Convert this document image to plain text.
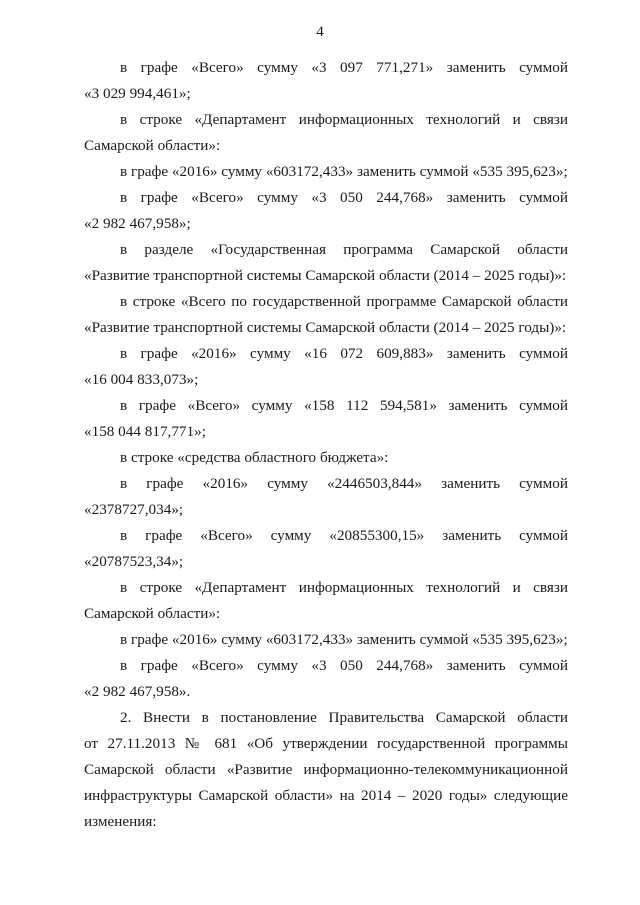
4
в графе «Всего» сумму «3 097 771,271» заменить суммой
«3 029 994,461»;
в строке «Департамент информационных технологий и связи
Самарской области»:
в графе «2016» сумму «603172,433» заменить суммой «535 395,623»;
в графе «Всего» сумму «3 050 244,768» заменить суммой
«2 982 467,958»;
в разделе «Государственная программа Самарской области
«Развитие транспортной системы Самарской области (2014 – 2025 годы)»:
в строке «Всего по государственной программе Самарской области
«Развитие транспортной системы Самарской области (2014 – 2025 годы)»:
в графе «2016» сумму «16 072 609,883» заменить суммой
«16 004 833,073»;
в графе «Всего» сумму «158 112 594,581» заменить суммой
«158 044 817,771»;
в строке «средства областного бюджета»:
в графе «2016» сумму «2446503,844» заменить суммой
«2378727,034»;
в графе «Всего» сумму «20855300,15» заменить суммой
«20787523,34»;
в строке «Департамент информационных технологий и связи
Самарской области»:
в графе «2016» сумму «603172,433» заменить суммой «535 395,623»;
в графе «Всего» сумму «3 050 244,768» заменить суммой
«2 982 467,958».
2. Внести в постановление Правительства Самарской области
от 27.11.2013 № 681 «Об утверждении государственной программы
Самарской области «Развитие информационно-телекоммуникационной
инфраструктуры Самарской области» на 2014 – 2020 годы» следующие
изменения:
